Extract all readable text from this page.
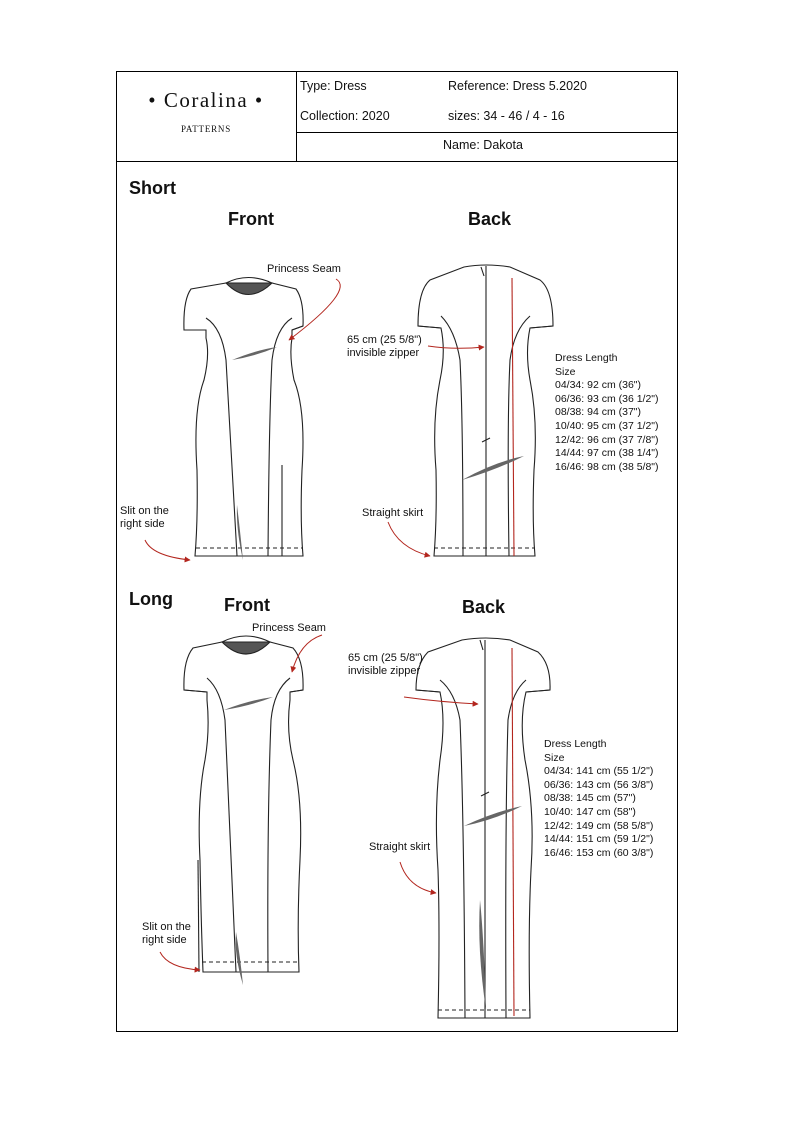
• Coralina •
PATTERNS
Type: Dress	Reference: Dress 5.2020
Collection: 2020	sizes: 34 - 46 / 4 - 16
Name: Dakota
Short
Front	Back
Long	Front	Back
Princess Seam
65 cm (25 5/8")
invisible zipper
Slit on the
right side
Straight skirt
Dress Length
Size
04/34: 92 cm (36")
06/36: 93 cm (36 1/2")
08/38: 94 cm (37")
10/40: 95 cm (37 1/2")
12/42: 96 cm (37 7/8")
14/44: 97 cm (38 1/4")
16/46: 98 cm (38 5/8")
Princess Seam
65 cm (25 5/8")
invisible zipper
Straight skirt
Slit on the
right side
Dress Length
Size
04/34: 141 cm (55 1/2")
06/36: 143 cm (56 3/8")
08/38: 145 cm (57")
10/40: 147 cm (58")
12/42: 149 cm (58 5/8")
14/44: 151 cm (59 1/2")
16/46: 153 cm (60 3/8")
